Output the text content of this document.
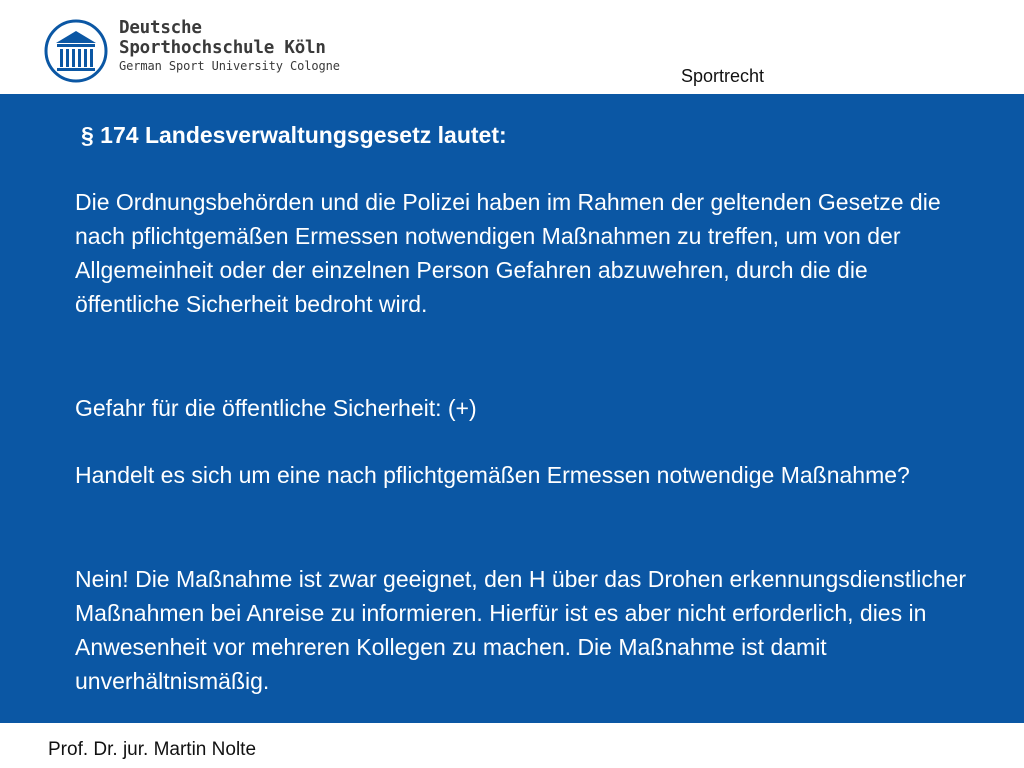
Deutsche
Sporthochschule Köln
German Sport University Cologne	Sportrecht
§ 174 Landesverwaltungsgesetz lautet:
Die Ordnungsbehörden und die Polizei haben im Rahmen der geltenden Gesetze die nach pflichtgemäßen Ermessen notwendigen Maßnahmen zu treffen, um von der Allgemeinheit oder der einzelnen Person Gefahren abzuwehren, durch die die öffentliche Sicherheit bedroht wird.
Gefahr für die öffentliche Sicherheit: (+)
Handelt es sich um eine nach pflichtgemäßen Ermessen notwendige Maßnahme?
Nein! Die Maßnahme ist zwar geeignet, den H über das Drohen erkennungsdienstlicher Maßnahmen bei Anreise zu informieren. Hierfür ist es aber nicht erforderlich, dies in Anwesenheit vor mehreren Kollegen zu machen. Die Maßnahme ist damit unverhältnismäßig.
Prof. Dr. jur. Martin Nolte
